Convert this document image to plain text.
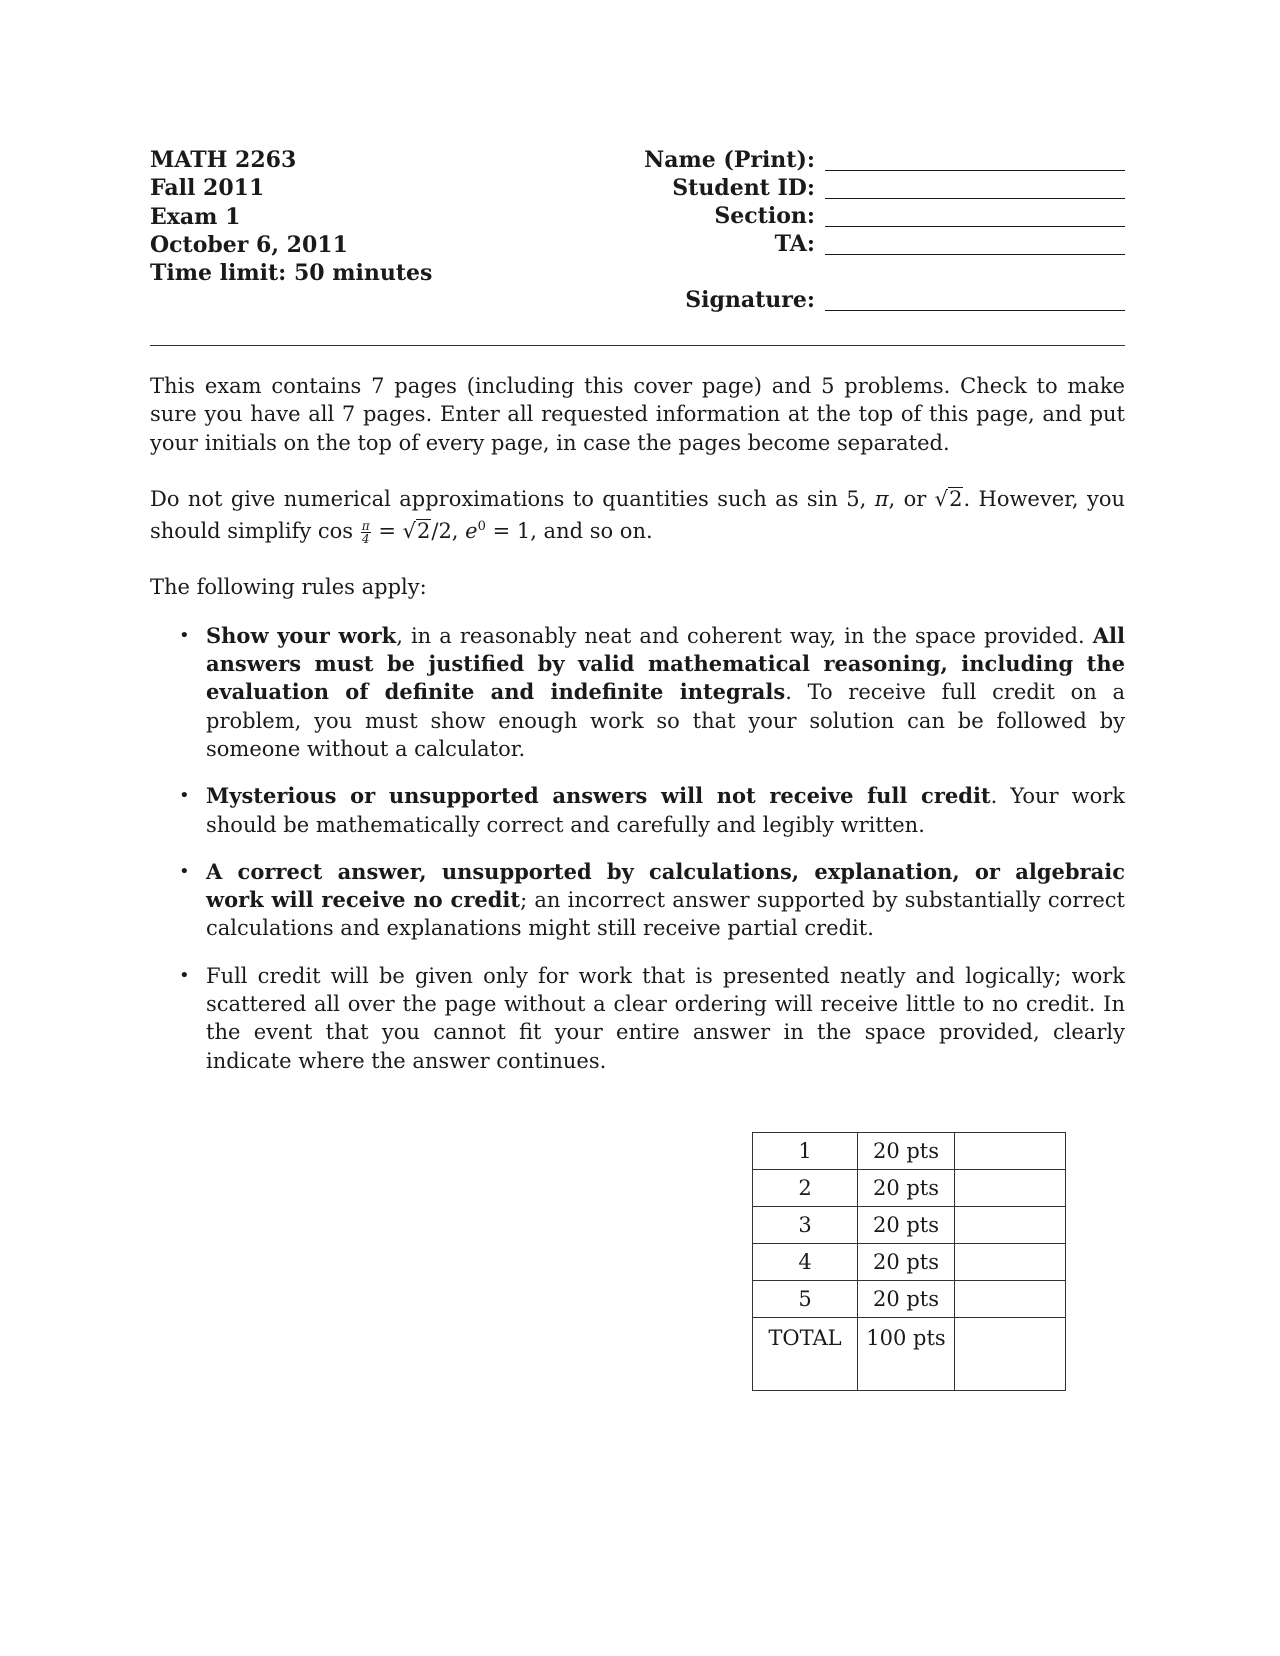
MATH 2263
Fall 2011
Exam 1
October 6, 2011
Time limit: 50 minutes
Name (Print):
Student ID:
Section:
TA:
Signature:

This exam contains 7 pages (including this cover page) and 5 problems. Check to make sure you have all 7 pages. Enter all requested information at the top of this page, and put your initials on the top of every page, in case the pages become separated.

Do not give numerical approximations to quantities such as sin 5, π, or √2. However, you should simplify $\cos \frac{\pi}{4} = √2/2$, $e^0 = 1$, and so on.

The following rules apply:

• Show your work, in a reasonably neat and coherent way, in the space provided. All answers must be justified by valid mathematical reasoning, including the evaluation of definite and indefinite integrals. To receive full credit on a problem, you must show enough work so that your solution can be followed by someone without a calculator.
• Mysterious or unsupported answers will not receive full credit. Your work should be mathematically correct and carefully and legibly written.
• A correct answer, unsupported by calculations, explanation, or algebraic work will receive no credit; an incorrect answer supported by substantially correct calculations and explanations might still receive partial credit.
• Full credit will be given only for work that is presented neatly and logically; work scattered all over the page without a clear ordering will receive little to no credit. In the event that you cannot fit your entire answer in the space provided, clearly indicate where the answer continues.
1	20 pts	
2	20 pts	
3	20 pts	
4	20 pts	
5	20 pts	
TOTAL	100 pts	
